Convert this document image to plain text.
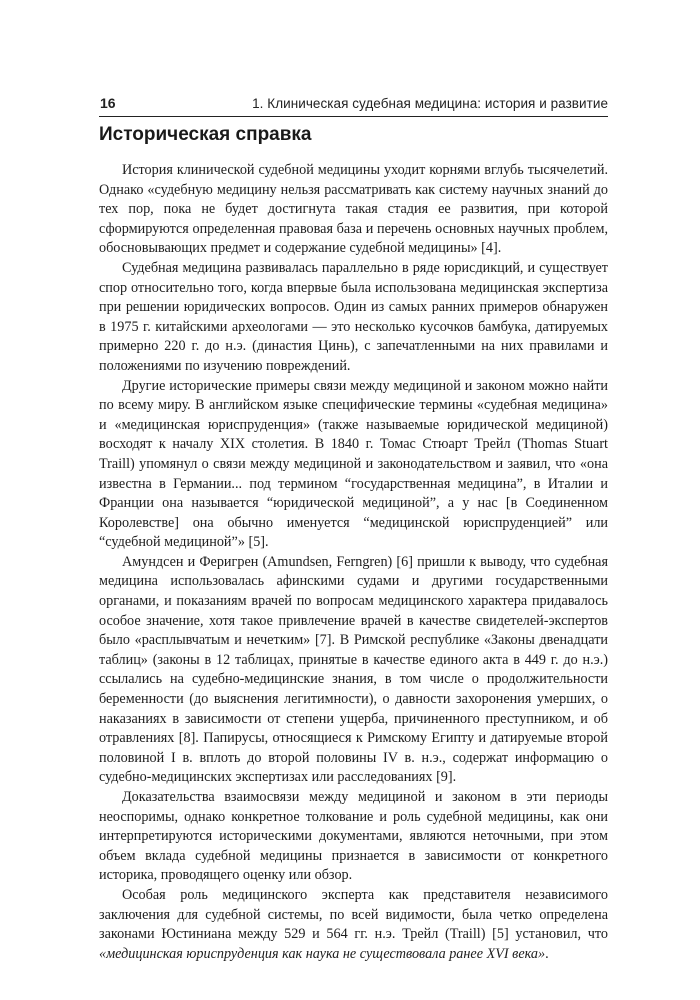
16	1. Клиническая судебная медицина: история и развитие
Историческая справка

История клинической судебной медицины уходит корнями вглубь тысячелетий. Однако «судебную медицину нельзя рассматривать как систему научных знаний до тех пор, пока не будет достигнута такая стадия ее развития, при которой сформируются определенная правовая база и перечень основных научных проблем, обосновывающих предмет и содержание судебной медицины» [4].

Судебная медицина развивалась параллельно в ряде юрисдикций, и существует спор относительно того, когда впервые была использована медицинская экспертиза при решении юридических вопросов. Один из самых ранних примеров обнаружен в 1975 г. китайскими археологами — это несколько кусочков бамбука, датируемых примерно 220 г. до н.э. (династия Цинь), с запечатленными на них правилами и положениями по изучению повреждений.

Другие исторические примеры связи между медициной и законом можно найти по всему миру. В английском языке специфические термины «судебная медицина» и «медицинская юриспруденция» (также называемые юридической медициной) восходят к началу XIX столетия. В 1840 г. Томас Стюарт Трейл (Thomas Stuart Traill) упомянул о связи между медициной и законодательством и заявил, что «она известна в Германии... под термином “государственная медицина”, в Италии и Франции она называется “юридической медициной”, а у нас [в Соединенном Королевстве] она обычно именуется “медицинской юриспруденцией” или “судебной медициной”» [5].

Амундсен и Феригрен (Amundsen, Ferngren) [6] пришли к выводу, что судебная медицина использовалась афинскими судами и другими государственными органами, и показаниям врачей по вопросам медицинского характера придавалось особое значение, хотя такое привлечение врачей в качестве свидетелей-экспертов было «расплывчатым и нечетким» [7]. В Римской республике «Законы двенадцати таблиц» (законы в 12 таблицах, принятые в качестве единого акта в 449 г. до н.э.) ссылались на судебно-медицинские знания, в том числе о продолжительности беременности (до выяснения легитимности), о давности захоронения умерших, о наказаниях в зависимости от степени ущерба, причиненного преступником, и об отравлениях [8]. Папирусы, относящиеся к Римскому Египту и датируемые второй половиной I в. вплоть до второй половины IV в. н.э., содержат информацию о судебно-медицинских экспертизах или расследованиях [9].

Доказательства взаимосвязи между медициной и законом в эти периоды неоспоримы, однако конкретное толкование и роль судебной медицины, как они интерпретируются историческими документами, являются неточными, при этом объем вклада судебной медицины признается в зависимости от конкретного историка, проводящего оценку или обзор.

Особая роль медицинского эксперта как представителя независимого заключения для судебной системы, по всей видимости, была четко определена законами Юстиниана между 529 и 564 гг. н.э. Трейл (Traill) [5] установил, что «медицинская юриспруденция как наука не существовала ранее XVI века».
